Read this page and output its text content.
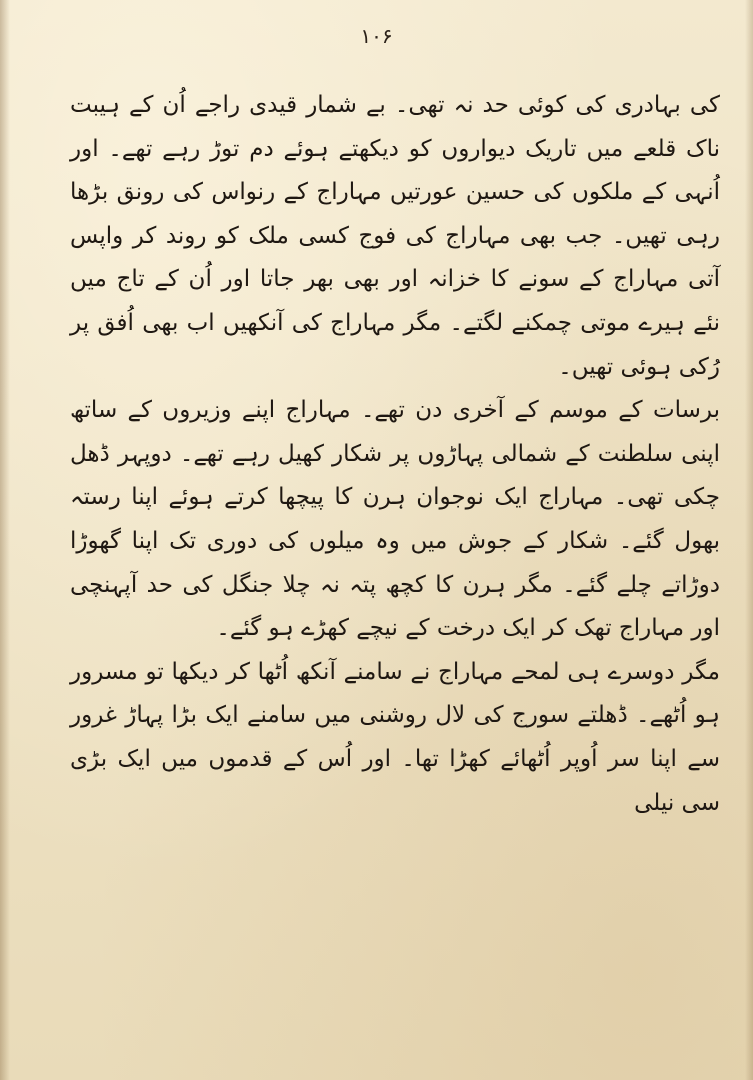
۱۰۶

کی بہادری کی کوئی حد نہ تھی۔ بے شمار قیدی راجے اُن کے ہیبت ناک قلعے میں تاریک دیواروں کو دیکھتے ہوئے دم توڑ رہے تھے۔ اور اُنہی کے ملکوں کی حسین عورتیں مہاراج کے رنواس کی رونق بڑھا رہی تھیں۔ جب بھی مہاراج کی فوج کسی ملک کو روند کر واپس آتی مہاراج کے سونے کا خزانہ اور بھی بھر جاتا اور اُن کے تاج میں نئے ہیرے موتی چمکنے لگتے۔ مگر مہاراج کی آنکھیں اب بھی اُفق پر رُکی ہوئی تھیں۔

برسات کے موسم کے آخری دن تھے۔ مہاراج اپنے وزیروں کے ساتھ اپنی سلطنت کے شمالی پہاڑوں پر شکار کھیل رہے تھے۔ دوپہر ڈھل چکی تھی۔ مہاراج ایک نوجوان ہرن کا پیچھا کرتے ہوئے اپنا رستہ بھول گئے۔ شکار کے جوش میں وہ میلوں کی دوری تک اپنا گھوڑا دوڑاتے چلے گئے۔ مگر ہرن کا کچھ پتہ نہ چلا جنگل کی حد آپہنچی اور مہاراج تھک کر ایک درخت کے نیچے کھڑے ہو گئے۔

مگر دوسرے ہی لمحے مہاراج نے سامنے آنکھ اُٹھا کر دیکھا تو مسرور ہو اُٹھے۔ ڈھلتے سورج کی لال روشنی میں سامنے ایک بڑا پہاڑ غرور سے اپنا سر اُوپر اُٹھائے کھڑا تھا۔ اور اُس کے قدموں میں ایک بڑی سی نیلی
